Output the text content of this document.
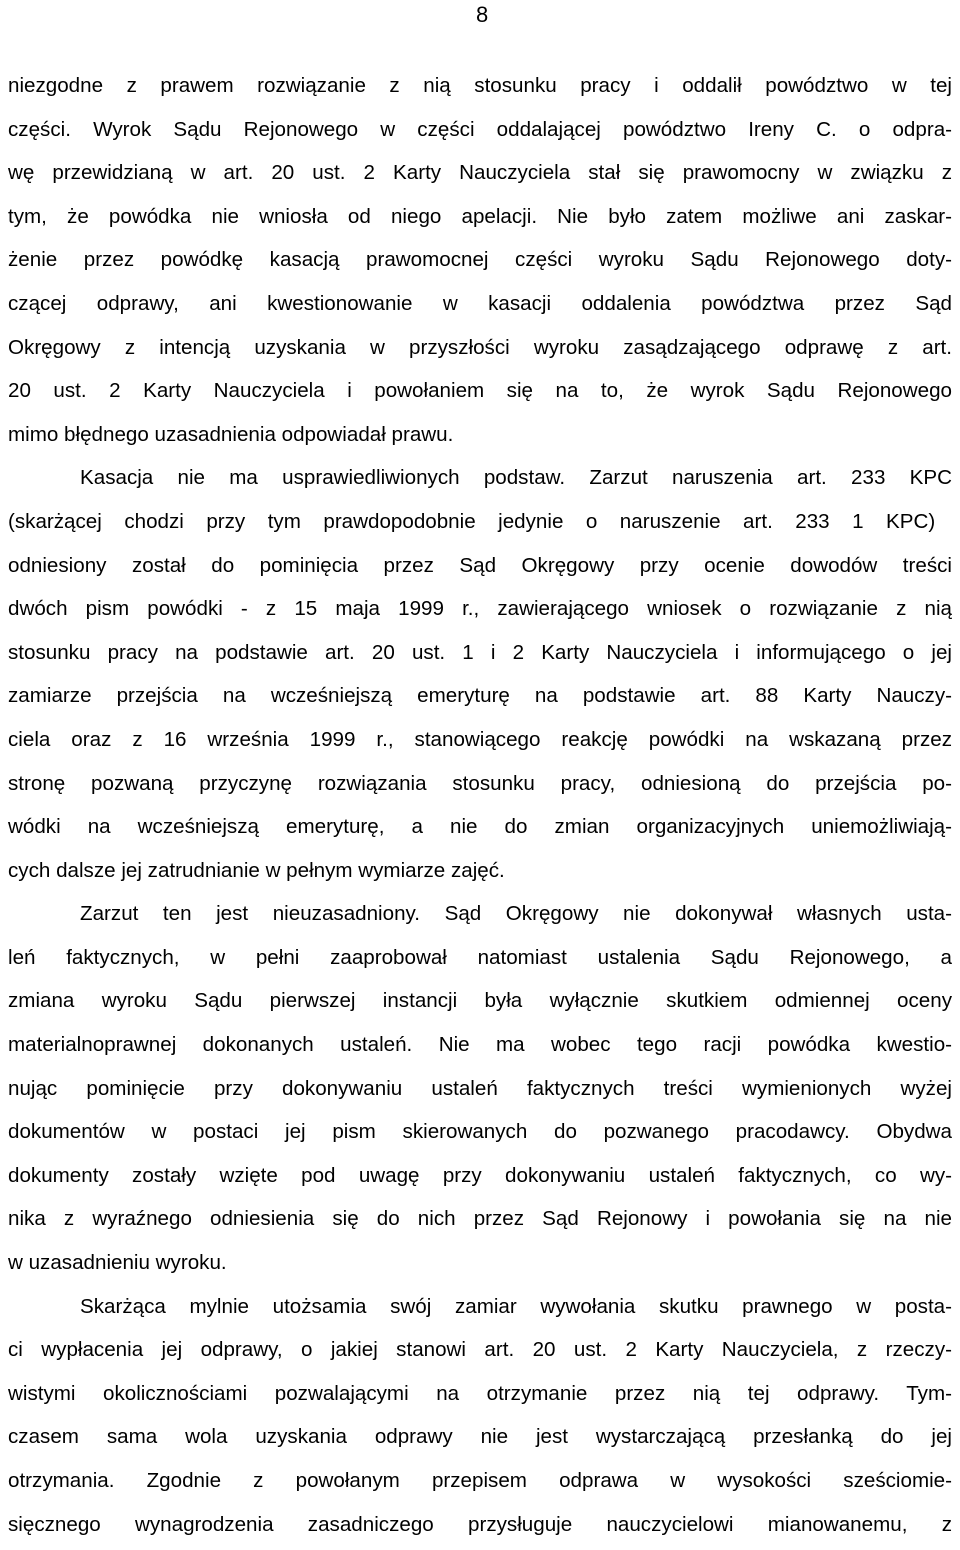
8
niezgodne z prawem rozwiązanie z nią stosunku pracy i oddalił powództwo w tej
części. Wyrok Sądu Rejonowego w części oddalającej powództwo Ireny C. o odpra-
wę przewidzianą w art. 20 ust. 2 Karty Nauczyciela stał się prawomocny w związku z
tym, że powódka nie wniosła od niego apelacji. Nie było zatem możliwe ani zaskar-
żenie przez powódkę kasacją prawomocnej części wyroku Sądu Rejonowego doty-
czącej odprawy, ani kwestionowanie w kasacji oddalenia powództwa przez Sąd
Okręgowy z intencją uzyskania w przyszłości wyroku zasądzającego odprawę z art.
20 ust. 2 Karty Nauczyciela i powołaniem się na to, że wyrok Sądu Rejonowego
mimo błędnego uzasadnienia odpowiadał prawu.
Kasacja nie ma usprawiedliwionych podstaw. Zarzut naruszenia art. 233 KPC
(skarżącej chodzi przy tym prawdopodobnie jedynie o naruszenie art. 233 1 KPC)
odniesiony został do pominięcia przez Sąd Okręgowy przy ocenie dowodów treści
dwóch pism powódki - z 15 maja 1999 r., zawierającego wniosek o rozwiązanie z nią
stosunku pracy na podstawie art. 20 ust. 1 i 2 Karty Nauczyciela i informującego o jej
zamiarze przejścia na wcześniejszą emeryturę na podstawie art. 88 Karty Nauczy-
ciela oraz z 16 września 1999 r., stanowiącego reakcję powódki na wskazaną przez
stronę pozwaną przyczynę rozwiązania stosunku pracy, odniesioną do przejścia po-
wódki na wcześniejszą emeryturę, a nie do zmian organizacyjnych uniemożliwiają-
cych dalsze jej zatrudnianie w pełnym wymiarze zajęć.
Zarzut ten jest nieuzasadniony. Sąd Okręgowy nie dokonywał własnych usta-
leń faktycznych, w pełni zaaprobował natomiast ustalenia Sądu Rejonowego, a
zmiana wyroku Sądu pierwszej instancji była wyłącznie skutkiem odmiennej oceny
materialnoprawnej dokonanych ustaleń. Nie ma wobec tego racji powódka kwestio-
nując pominięcie przy dokonywaniu ustaleń faktycznych treści wymienionych wyżej
dokumentów w postaci jej pism skierowanych do pozwanego pracodawcy. Obydwa
dokumenty zostały wzięte pod uwagę przy dokonywaniu ustaleń faktycznych, co wy-
nika z wyraźnego odniesienia się do nich przez Sąd Rejonowy i powołania się na nie
w uzasadnieniu wyroku.
Skarżąca mylnie utożsamia swój zamiar wywołania skutku prawnego w posta-
ci wypłacenia jej odprawy, o jakiej stanowi art. 20 ust. 2 Karty Nauczyciela, z rzeczy-
wistymi okolicznościami pozwalającymi na otrzymanie przez nią tej odprawy. Tym-
czasem sama wola uzyskania odprawy nie jest wystarczającą przesłanką do jej
otrzymania. Zgodnie z powołanym przepisem odprawa w wysokości sześciomie-
sięcznego wynagrodzenia zasadniczego przysługuje nauczycielowi mianowanemu, z
